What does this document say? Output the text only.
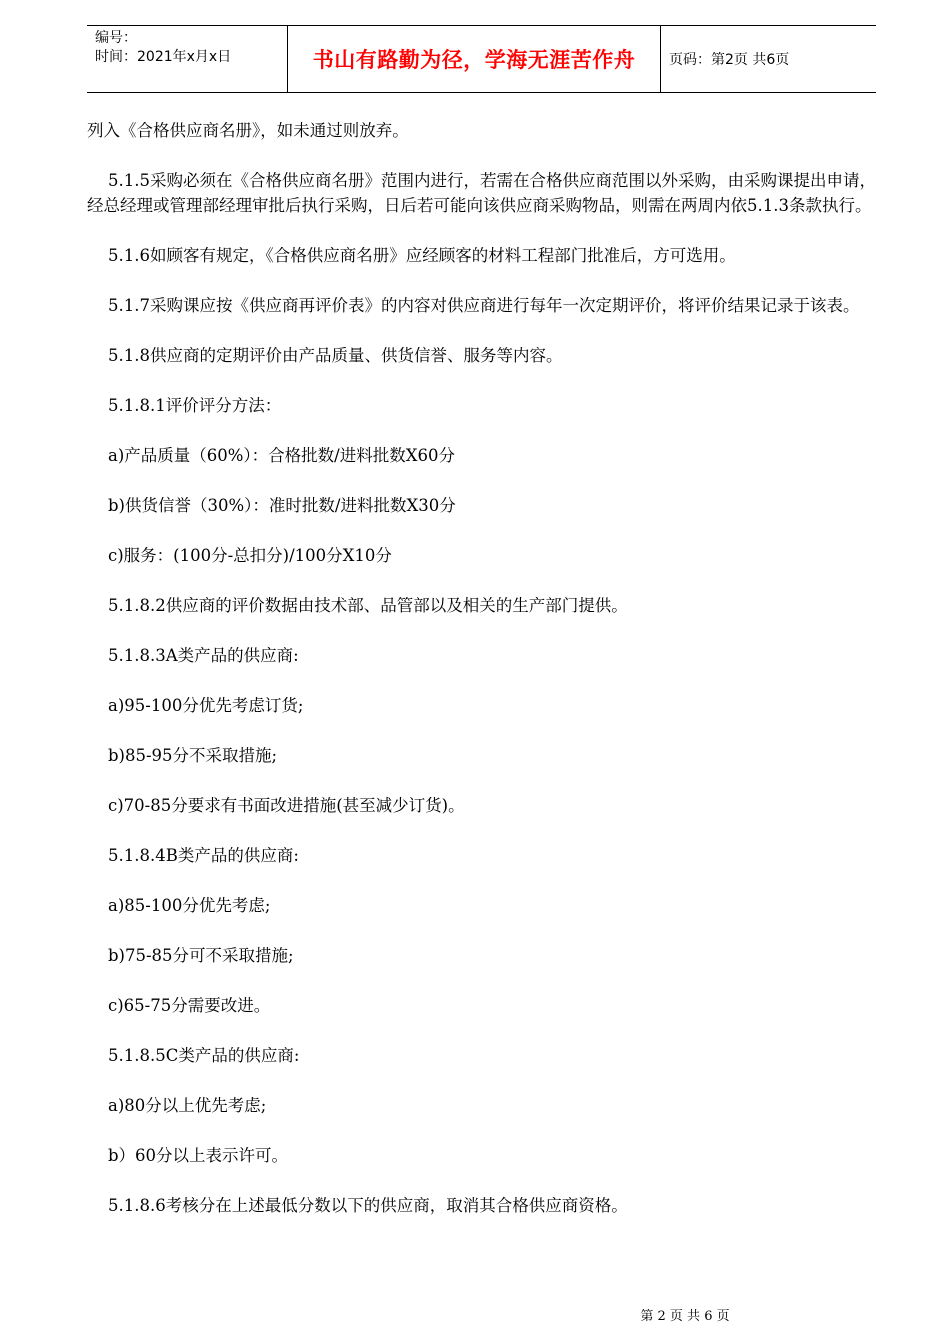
编号：
时间：2021年x月x日	书山有路勤为径，学海无涯苦作舟	页码：第2页 共6页

列入《合格供应商名册》，如未通过则放弃。

5.1.5采购必须在《合格供应商名册》范围内进行，若需在合格供应商范围以外采购，由采购课提出申请，经总经理或管理部经理审批后执行采购，日后若可能向该供应商采购物品，则需在两周内依5.1.3条款执行。

5.1.6如顾客有规定，《合格供应商名册》应经顾客的材料工程部门批准后，方可选用。

5.1.7采购课应按《供应商再评价表》的内容对供应商进行每年一次定期评价，将评价结果记录于该表。

5.1.8供应商的定期评价由产品质量、供货信誉、服务等内容。

5.1.8.1评价评分方法：

a)产品质量（60%）：合格批数/进料批数X60分

b)供货信誉（30%）：准时批数/进料批数X30分

c)服务：(100分-总扣分)/100分X10分

5.1.8.2供应商的评价数据由技术部、品管部以及相关的生产部门提供。

5.1.8.3A类产品的供应商:

a)95-100分优先考虑订货;

b)85-95分不采取措施;

c)70-85分要求有书面改进措施(甚至减少订货)。

5.1.8.4B类产品的供应商:

a)85-100分优先考虑;

b)75-85分可不采取措施;

c)65-75分需要改进。

5.1.8.5C类产品的供应商:

a)80分以上优先考虑;

b）60分以上表示许可。

5.1.8.6考核分在上述最低分数以下的供应商，取消其合格供应商资格。

第 2 页 共 6 页
